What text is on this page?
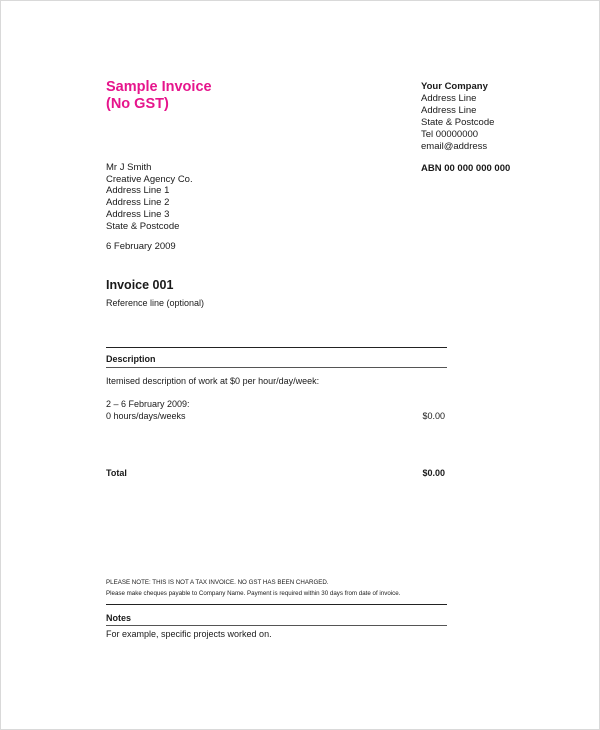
Sample Invoice
(No GST)
Your Company
Address Line
Address Line
State & Postcode
Tel 00000000
email@address
ABN 00 000 000 000
Mr J Smith
Creative Agency Co.
Address Line 1
Address Line 2
Address Line 3
State & Postcode
6 February 2009
Invoice 001
Reference line (optional)
Description
Itemised description of work at $0 per hour/day/week:
2 – 6 February 2009:
0 hours/days/weeks	$0.00
Total	$0.00
PLEASE NOTE: THIS IS NOT A TAX INVOICE. NO GST HAS BEEN CHARGED.
Please make cheques payable to Company Name. Payment is required within 30 days from date of invoice.
Notes
For example, specific projects worked on.
